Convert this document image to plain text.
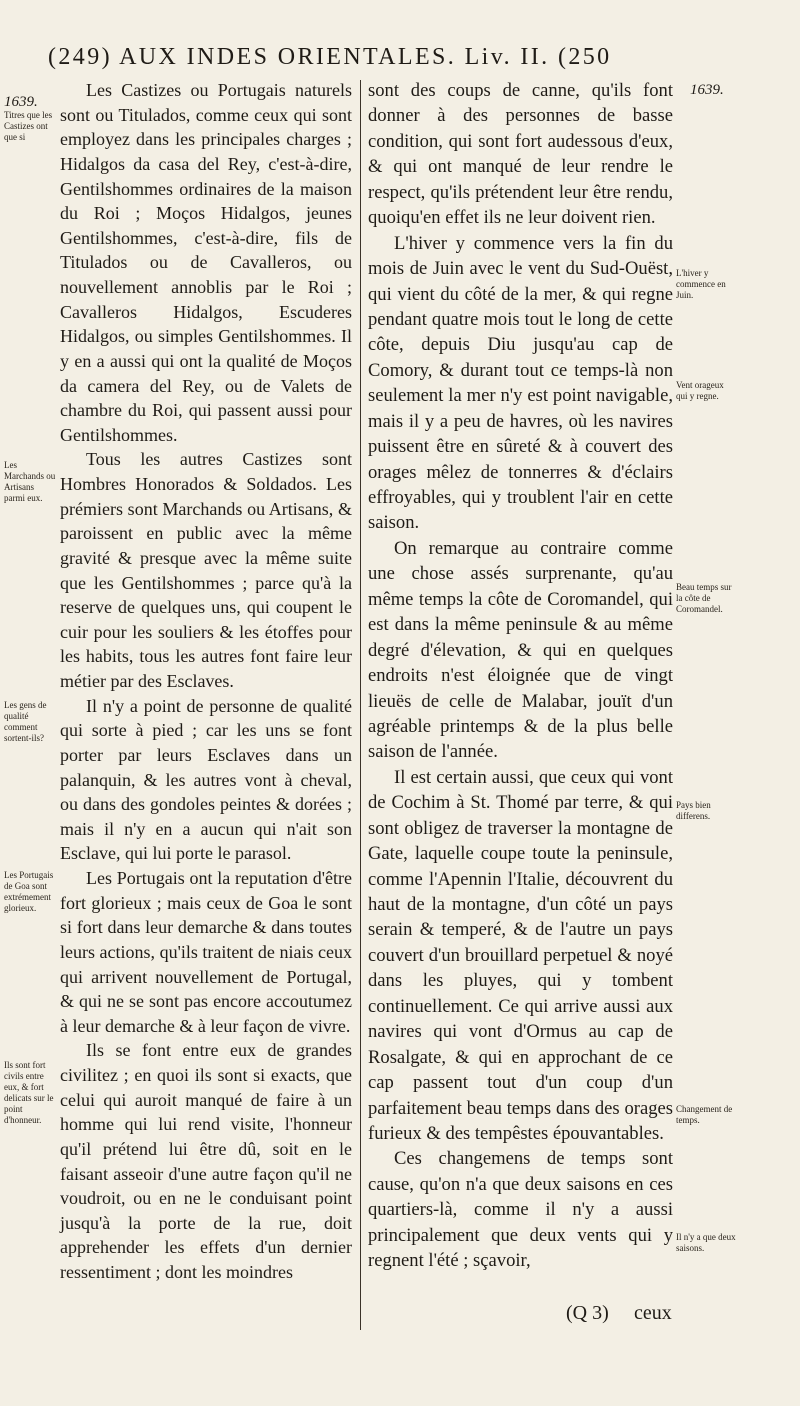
(249) AUX INDES ORIENTALES. Liv. II. (250
1639.
1639.
Titres que les Castizes ont que si
Les Marchands ou Artisans parmi eux.
Les gens de qualité comment sortent-ils?
Les Portugais de Goa sont extrémement glorieux.
Ils sont fort civils entre eux, & fort delicats sur le point d'honneur.

Les Castizes ou Portugais naturels sont ou Titulados, comme ceux qui sont employez dans les principales charges ; Hidalgos da casa del Rey, c'est-à-dire, Gentilshommes ordinaires de la maison du Roi ; Moços Hidalgos, jeunes Gentilshommes, c'est-à-dire, fils de Titulados ou de Cavalleros, ou nouvellement annoblis par le Roi ; Cavalleros Hidalgos, Escuderes Hidalgos, ou simples Gentilshommes. Il y en a aussi qui ont la qualité de Moços da camera del Rey, ou de Valets de chambre du Roi, qui passent aussi pour Gentilshommes.

Tous les autres Castizes sont Hombres Honorados & Soldados. Les prémiers sont Marchands ou Artisans, & paroissent en public avec la même gravité & presque avec la même suite que les Gentilshommes ; parce qu'à la reserve de quelques uns, qui coupent le cuir pour les souliers & les étoffes pour les habits, tous les autres font faire leur métier par des Esclaves.

Il n'y a point de personne de qualité qui sorte à pied ; car les uns se font porter par leurs Esclaves dans un palanquin, & les autres vont à cheval, ou dans des gondoles peintes & dorées ; mais il n'y en a aucun qui n'ait son Esclave, qui lui porte le parasol.

Les Portugais ont la reputation d'être fort glorieux ; mais ceux de Goa le sont si fort dans leur demarche & dans toutes leurs actions, qu'ils traitent de niais ceux qui arrivent nouvellement de Portugal, & qui ne se sont pas encore accoutumez à leur demarche & à leur façon de vivre.

Ils se font entre eux de grandes civilitez ; en quoi ils sont si exacts, que celui qui auroit manqué de faire à un homme qui lui rend visite, l'honneur qu'il prétend lui être dû, soit en le faisant asseoir d'une autre façon qu'il ne voudroit, ou en ne le conduisant point jusqu'à la porte de la rue, doit apprehender les effets d'un dernier ressentiment ; dont les moindres

sont des coups de canne, qu'ils font donner à des personnes de basse condition, qui sont fort audessous d'eux, & qui ont manqué de leur rendre le respect, qu'ils prétendent leur être rendu, quoiqu'en effet ils ne leur doivent rien.

L'hiver y commence vers la fin du mois de Juin avec le vent du Sud-Ouëst, qui vient du côté de la mer, & qui regne pendant quatre mois tout le long de cette côte, depuis Diu jusqu'au cap de Comory, & durant tout ce temps-là non seulement la mer n'y est point navigable, mais il y a peu de havres, où les navires puissent être en sûreté & à couvert des orages mêlez de tonnerres & d'éclairs effroyables, qui y troublent l'air en cette saison.

On remarque au contraire comme une chose assés surprenante, qu'au même temps la côte de Coromandel, qui est dans la même peninsule & au même degré d'élevation, & qui en quelques endroits n'est éloignée que de vingt lieuës de celle de Malabar, jouït d'un agréable printemps & de la plus belle saison de l'année.

Il est certain aussi, que ceux qui vont de Cochim à St. Thomé par terre, & qui sont obligez de traverser la montagne de Gate, laquelle coupe toute la peninsule, comme l'Apennin l'Italie, découvrent du haut de la montagne, d'un côté un pays serain & temperé, & de l'autre un pays couvert d'un brouillard perpetuel & noyé dans les pluyes, qui y tombent continuellement. Ce qui arrive aussi aux navires qui vont d'Ormus au cap de Rosalgate, & qui en approchant de ce cap passent tout d'un coup d'un parfaitement beau temps dans des orages furieux & des tempêstes épouvantables.

Ces changemens de temps sont cause, qu'on n'a que deux saisons en ces quartiers-là, comme il n'y a aussi principalement que deux vents qui y regnent l'été ; sçavoir,

L'hiver y commence en Juin.
Vent orageux qui y regne.
Beau temps sur la côte de Coromandel.
Pays bien differens.
Changement de temps.
Il n'y a que deux saisons.
(Q 3) ceux
